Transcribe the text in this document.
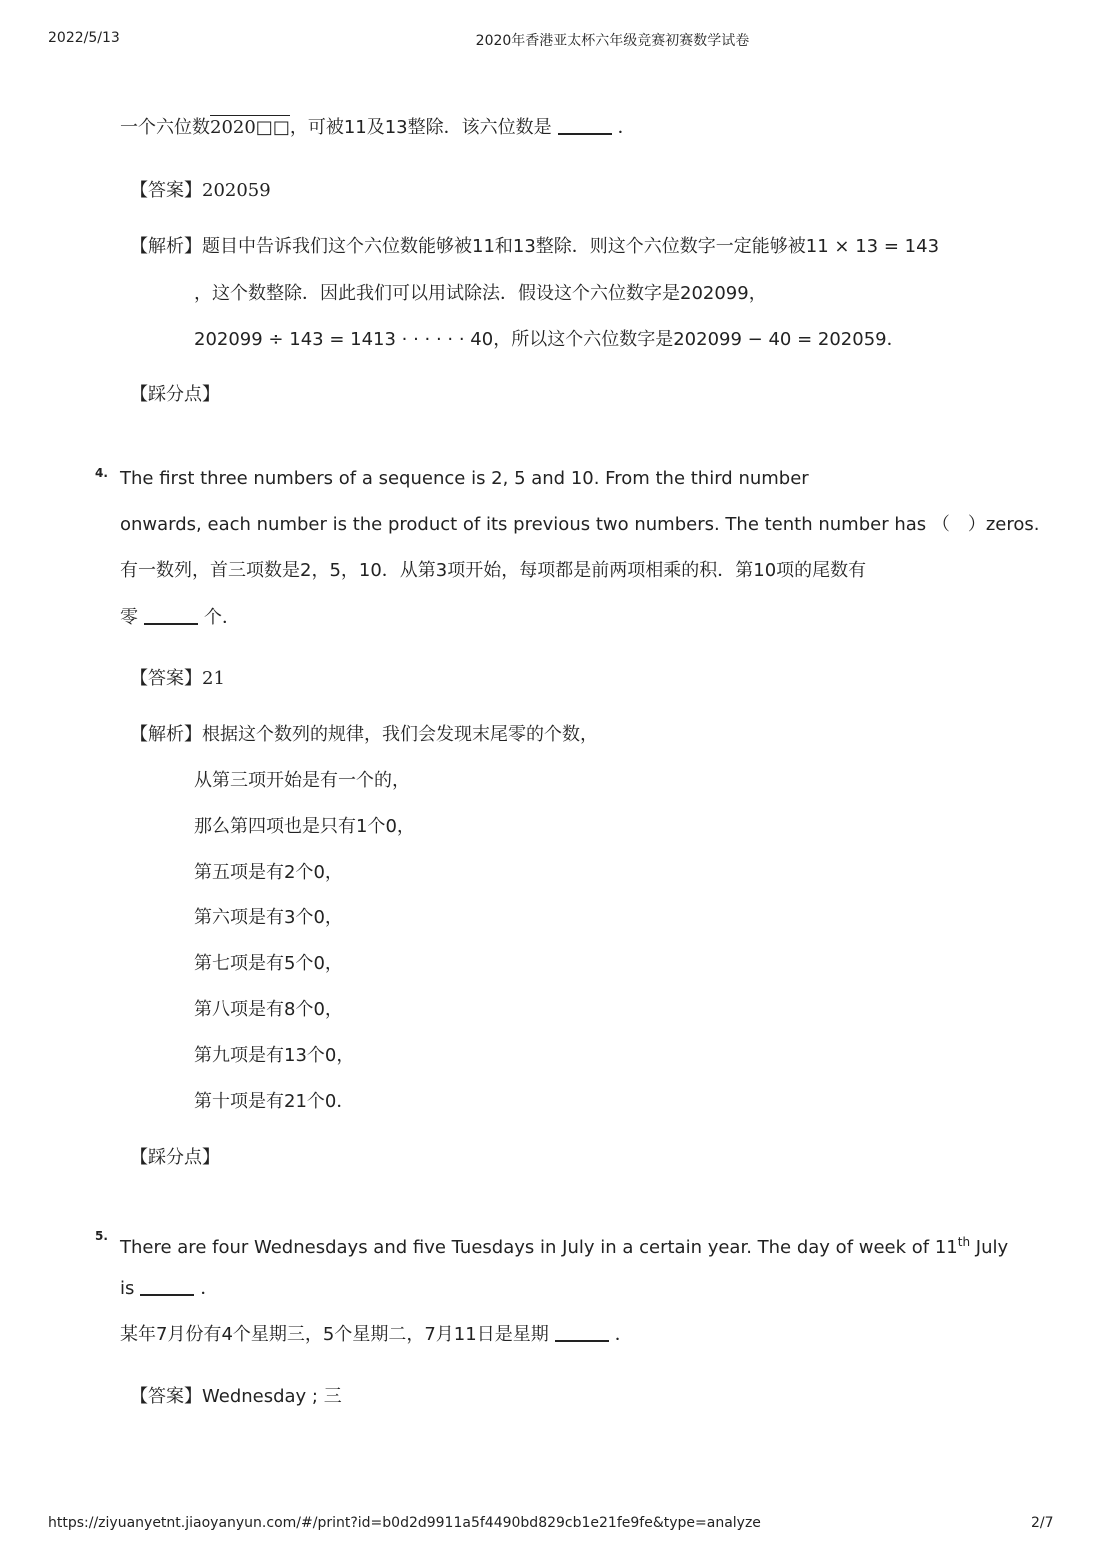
2022/5/13	2020年香港亚太杯六年级竞赛初赛数学试卷
https://ziyuanyetnt.jiaoyanyun.com/#/print?id=b0d2d9911a5f4490bd829cb1e21fe9fe&type=analyze	2/7
一个六位数2020□□，可被11及13整除．该六位数是	．
【答案】202059
【解析】题目中告诉我们这个六位数能够被11和13整除．则这个六位数字一定能够被11 × 13 = 143
，这个数整除．因此我们可以用试除法．假设这个六位数字是202099，
202099 ÷ 143 = 1413 · · · · · · 40，所以这个六位数字是202099 − 40 = 202059．
【踩分点】
4. The first three numbers of a sequence is 2, 5 and 10. From the third number
onwards, each number is the product of its previous two numbers. The tenth number has （　）zeros.
有一数列，首三项数是2，5，10．从第3项开始，每项都是前两项相乘的积．第10项的尾数有
零	个．
【答案】21
【解析】根据这个数列的规律，我们会发现末尾零的个数，
从第三项开始是有一个的，
那么第四项也是只有1个0，
第五项是有2个0，
第六项是有3个0，
第七项是有5个0，
第八项是有8个0，
第九项是有13个0，
第十项是有21个0．
【踩分点】
5.
There are four Wednesdays and five Tuesdays in July in a certain year. The day of week of 11th July
is	．
某年7月份有4个星期三，5个星期二，7月11日是星期	．
【答案】Wednesday ; 三
